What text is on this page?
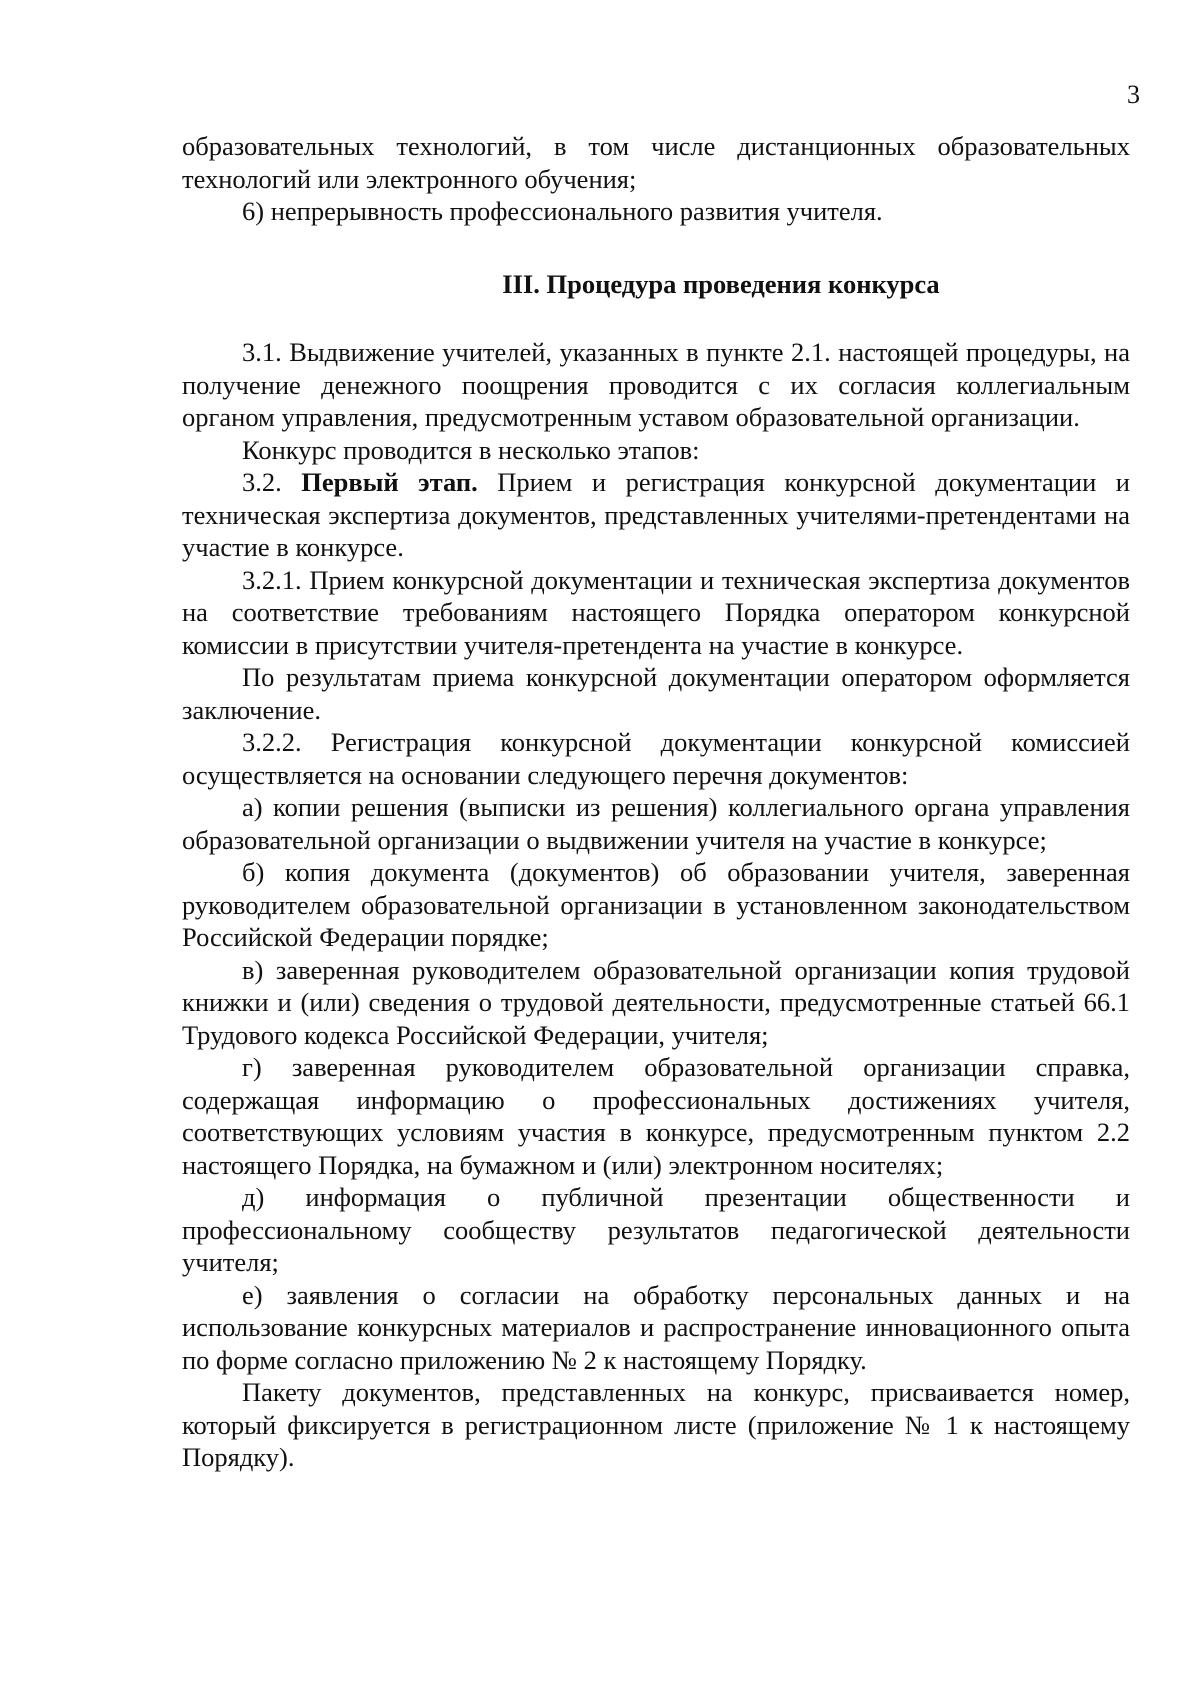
3

образовательных технологий, в том числе дистанционных образовательных технологий или электронного обучения;

6) непрерывность профессионального развития учителя.

III. Процедура проведения конкурса

3.1. Выдвижение учителей, указанных в пункте 2.1. настоящей процедуры, на получение денежного поощрения проводится с их согласия коллегиальным органом управления, предусмотренным уставом образовательной организации.

Конкурс проводится в несколько этапов:

3.2. Первый этап. Прием и регистрация конкурсной документации и техническая экспертиза документов, представленных учителями-претендентами на участие в конкурсе.

3.2.1. Прием конкурсной документации и техническая экспертиза документов на соответствие требованиям настоящего Порядка оператором конкурсной комиссии в присутствии учителя-претендента на участие в конкурсе.

По результатам приема конкурсной документации оператором оформляется заключение.

3.2.2. Регистрация конкурсной документации конкурсной комиссией осуществляется на основании следующего перечня документов:

а) копии решения (выписки из решения) коллегиального органа управления образовательной организации о выдвижении учителя на участие в конкурсе;

б) копия документа (документов) об образовании учителя, заверенная руководителем образовательной организации в установленном законодательством Российской Федерации порядке;

в) заверенная руководителем образовательной организации копия трудовой книжки и (или) сведения о трудовой деятельности, предусмотренные статьей 66.1 Трудового кодекса Российской Федерации, учителя;

г) заверенная руководителем образовательной организации справка, содержащая информацию о профессиональных достижениях учителя, соответствующих условиям участия в конкурсе, предусмотренным пунктом 2.2 настоящего Порядка, на бумажном и (или) электронном носителях;

д) информация о публичной презентации общественности и профессиональному сообществу результатов педагогической деятельности учителя;

е) заявления о согласии на обработку персональных данных и на использование конкурсных материалов и распространение инновационного опыта по форме согласно приложению № 2 к настоящему Порядку.

Пакету документов, представленных на конкурс, присваивается номер, который фиксируется в регистрационном листе (приложение № 1 к настоящему Порядку).
